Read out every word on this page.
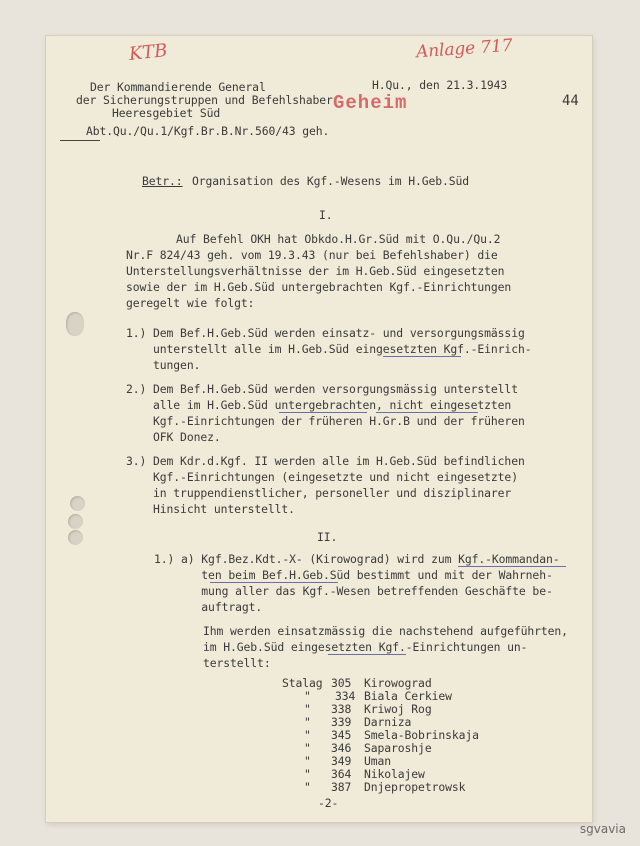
KTB
Geheim
Anlage 717
Der Kommandierende General
der Sicherungstruppen und Befehlshaber
Heeresgebiet Süd
H.Qu., den 21.3.1943
44
Abt.Qu./Qu.1/Kgf.Br.B.Nr.560/43 geh.
Betr.: Organisation des Kgf.-Wesens im H.Geb.Süd
I.
Auf Befehl OKH hat Obkdo.H.Gr.Süd mit O.Qu./Qu.2
Nr.F 824/43 geh. vom 19.3.43 (nur bei Befehlshaber) die
Unterstellungsverhältnisse der im H.Geb.Süd eingesetzten
sowie der im H.Geb.Süd untergebrachten Kgf.-Einrichtungen
geregelt wie folgt:
1.) Dem Bef.H.Geb.Süd werden einsatz- und versorgungsmässig
unterstellt alle im H.Geb.Süd eingesetzten Kgf.-Einrich-
tungen.
2.) Dem Bef.H.Geb.Süd werden versorgungsmässig unterstellt
alle im H.Geb.Süd untergebrachten, nicht eingesetzten
Kgf.-Einrichtungen der früheren H.Gr.B und der früheren
OFK Donez.
3.) Dem Kdr.d.Kgf. II werden alle im H.Geb.Süd befindlichen
Kgf.-Einrichtungen (eingesetzte und nicht eingesetzte)
in truppendienstlicher, personeller und disziplinarer
Hinsicht unterstellt.
II.
1.) a) Kgf.Bez.Kdt.-X- (Kirowograd) wird zum Kgf.-Kommandan-
ten beim Bef.H.Geb.Süd bestimmt und mit der Wahrneh-
mung aller das Kgf.-Wesen betreffenden Geschäfte be-
auftragt.
Ihm werden einsatzmässig die nachstehend aufgeführten,
im H.Geb.Süd eingesetzten Kgf.-Einrichtungen un-
terstellt:
Stalag 305 Kirowograd
" 334 Biala Cerkiew
" 338 Kriwoj Rog
" 339 Darniza
" 345 Smela-Bobrinskaja
" 346 Saparoshje
" 349 Uman
" 364 Nikolajew
" 387 Dnjepropetrowsk
-2-
sgvavia
